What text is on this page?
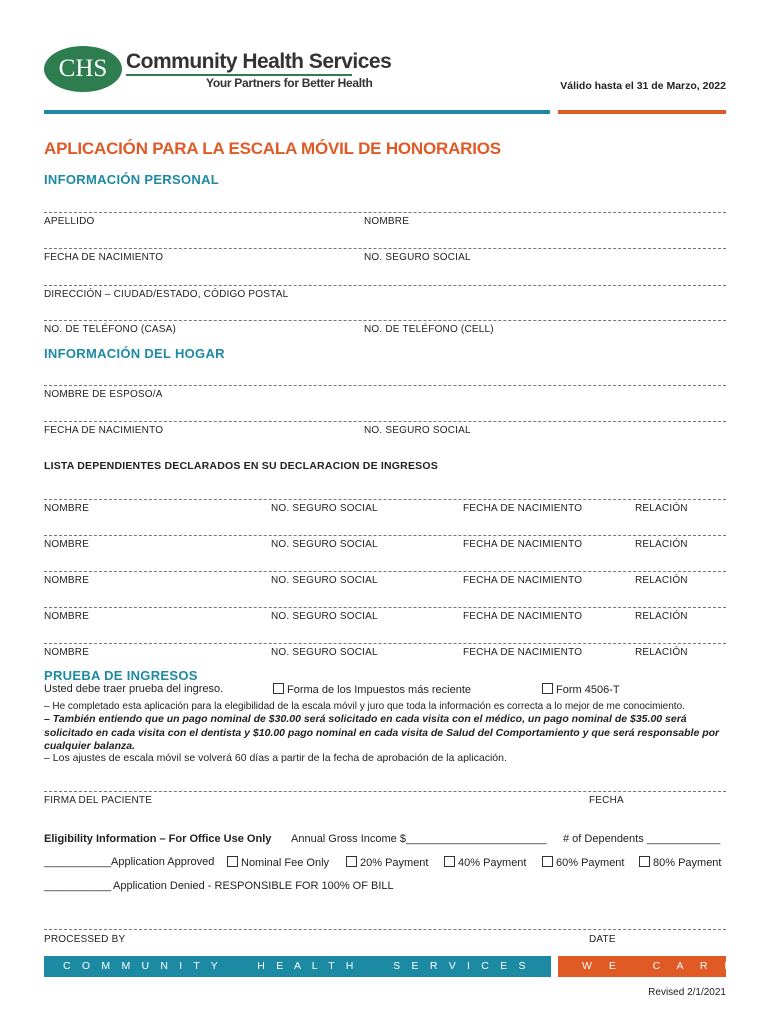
CHS Community Health Services
Your Partners for Better Health	Válido hasta el 31 de Marzo, 2022
APLICACIÓN PARA LA ESCALA MÓVIL DE HONORARIOS
INFORMACIÓN PERSONAL
APELLIDO	NOMBRE
FECHA DE NACIMIENTO	NO. SEGURO SOCIAL
DIRECCIÓN – CIUDAD/ESTADO, CÓDIGO POSTAL
NO. DE TELÉFONO (CASA)	NO. DE TELÉFONO (CELL)
INFORMACIÓN DEL HOGAR
NOMBRE DE ESPOSO/A
FECHA DE NACIMIENTO	NO. SEGURO SOCIAL
LISTA DEPENDIENTES DECLARADOS EN SU DECLARACION DE INGRESOS
NOMBRE	NO. SEGURO SOCIAL	FECHA DE NACIMIENTO	RELACIÓN
NOMBRE	NO. SEGURO SOCIAL	FECHA DE NACIMIENTO	RELACIÓN
NOMBRE	NO. SEGURO SOCIAL	FECHA DE NACIMIENTO	RELACIÓN
NOMBRE	NO. SEGURO SOCIAL	FECHA DE NACIMIENTO	RELACIÓN
NOMBRE	NO. SEGURO SOCIAL	FECHA DE NACIMIENTO	RELACIÓN
PRUEBA DE INGRESOS
Usted debe traer prueba del ingreso.	Forma de los Impuestos más reciente	Form 4506-T
– He completado esta aplicación para la elegibilidad de la escala móvil y juro que toda la información es correcta a lo mejor de me conocimiento.
– También entiendo que un pago nominal de $30.00 será solicitado en cada visita con el médico, un pago nominal de $35.00 será solicitado en cada visita con el dentista y $10.00 pago nominal en cada visita de Salud del Comportamiento y que será responsable por cualquier balanza.
– Los ajustes de escala móvil se volverá 60 días a partir de la fecha de aprobación de la aplicación.
FIRMA DEL PACIENTE	FECHA
Eligibility Information – For Office Use Only Annual Gross Income $_______________________ # of Dependents ____________
___________ Application Approved	Nominal Fee Only	20% Payment	40% Payment	60% Payment	80% Payment
___________ Application Denied - RESPONSIBLE FOR 100% OF BILL
PROCESSED BY	DATE
C O M M U N I T Y     H E A L T H     S E R V I C E S	W E   C A R E .
Revised 2/1/2021
